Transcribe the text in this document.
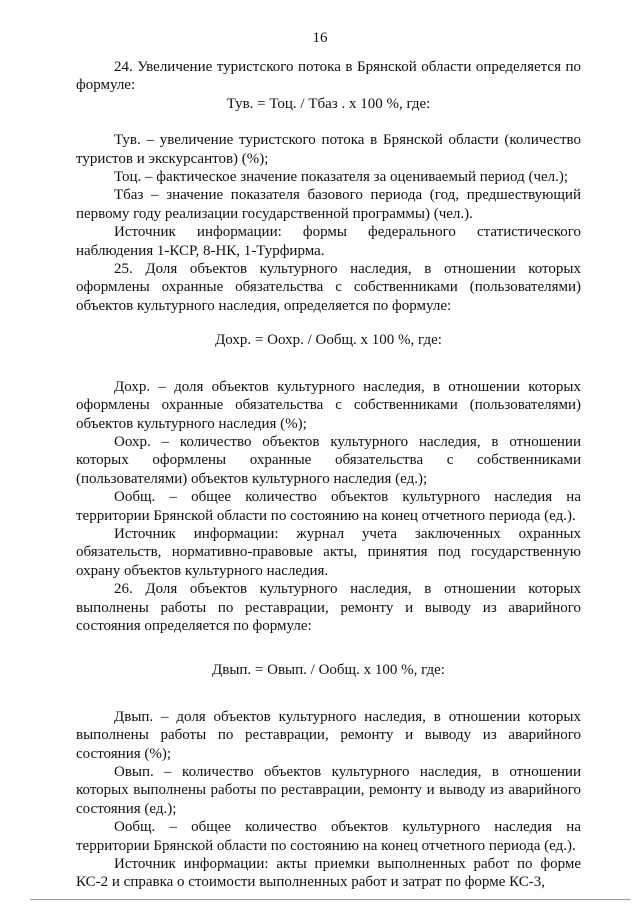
16

24. Увеличение туристского потока в Брянской области определяется по формуле:

Тув. = Тоц. / Тбаз . х 100 %, где:

Тув. – увеличение туристского потока в Брянской области (количество туристов и экскурсантов) (%);

Тоц. – фактическое значение показателя за оцениваемый период (чел.);

Тбаз – значение показателя базового периода (год, предшествующий первому году реализации государственной программы) (чел.).

Источник информации: формы федерального статистического наблюдения 1-КСР, 8-НК, 1-Турфирма.

25. Доля объектов культурного наследия, в отношении которых оформлены охранные обязательства с собственниками (пользователями) объектов культурного наследия, определяется по формуле:

Дохр. = Оохр. / Ообщ. х 100 %, где:

Дохр. – доля объектов культурного наследия, в отношении которых оформлены охранные обязательства с собственниками (пользователями) объектов культурного наследия (%);

Оохр. – количество объектов культурного наследия, в отношении которых оформлены охранные обязательства с собственниками (пользователями) объектов культурного наследия (ед.);

Ообщ. – общее количество объектов культурного наследия на территории Брянской области по состоянию на конец отчетного периода (ед.).

Источник информации: журнал учета заключенных охранных обязательств, нормативно-правовые акты, принятия под государственную охрану объектов культурного наследия.

26. Доля объектов культурного наследия, в отношении которых выполнены работы по реставрации, ремонту и выводу из аварийного состояния определяется по формуле:

Двып. = Овып. / Ообщ. х 100 %, где:

Двып. – доля объектов культурного наследия, в отношении которых выполнены работы по реставрации, ремонту и выводу из аварийного состояния (%);

Овып. – количество объектов культурного наследия, в отношении которых выполнены работы по реставрации, ремонту и выводу из аварийного состояния (ед.);

Ообщ. – общее количество объектов культурного наследия на территории Брянской области по состоянию на конец отчетного периода (ед.).

Источник информации: акты приемки выполненных работ по форме КС-2 и справка о стоимости выполненных работ и затрат по форме КС-3,
